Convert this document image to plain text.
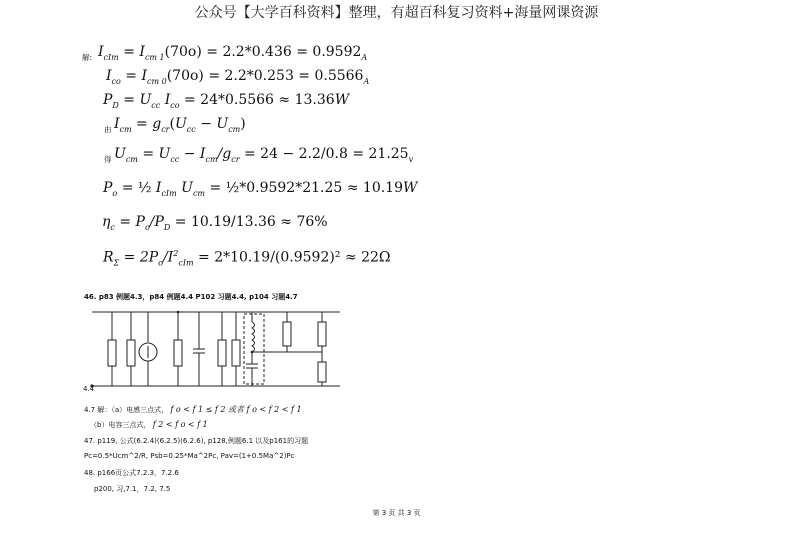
公众号【大学百科资料】整理，有超百科复习资料+海量网课资源
解: $I_{cIm} = I_{cm 1}(70o) = 2.2*0.436 = 0.9592_A$
$I_{co} = I_{cm 0}(70o) = 2.2*0.253 = 0.5566_A$
$P_D = U_{cc}$ $I_{co} = 24*0.5566 \approx 13.36W$
由 $I_{cm} = g_{cr}(U_{cc} - U_{cm})$
得 $U_{cm} = U_{cc} - I_{cm}/g_{cr} = 24 - 2.2/0.8 = 21.25_v$
$P_o$ = ½ $I_{cIm}$ $U_{cm}$ = ½*0.9592*21.25 ≈ 10.19W
$\eta_c = P_o/P_D = 10.19/13.36 \approx 76\%$
$R_\Sigma = 2P_o/I^2_{cIm} = 2*10.19/(0.9592)^2 \approx 22\Omega$
46. p83 例题4.3，p84 例题4.4 P102 习题4.4, p104 习题4.7
4.4
4.7 解：（a）电感三点式， f o < f 1 ≤ f 2 或者 f o < f 2 < f 1
（b）电容三点式， f 2 < f o < f 1
47. p119, 公式(6.2.4)(6.2.5)(6.2.6), p128,例题6.1 以及p161的习题
Pc=0.5*Ucm^2/R, Psb=0.25*Ma^2Pc, Pav=(1+0.5Ma^2)Pc
48. p166页公式7.2.3，7.2.6
p200, 习,7.1，7.2, 7.5
第 3 页 共 3 页
